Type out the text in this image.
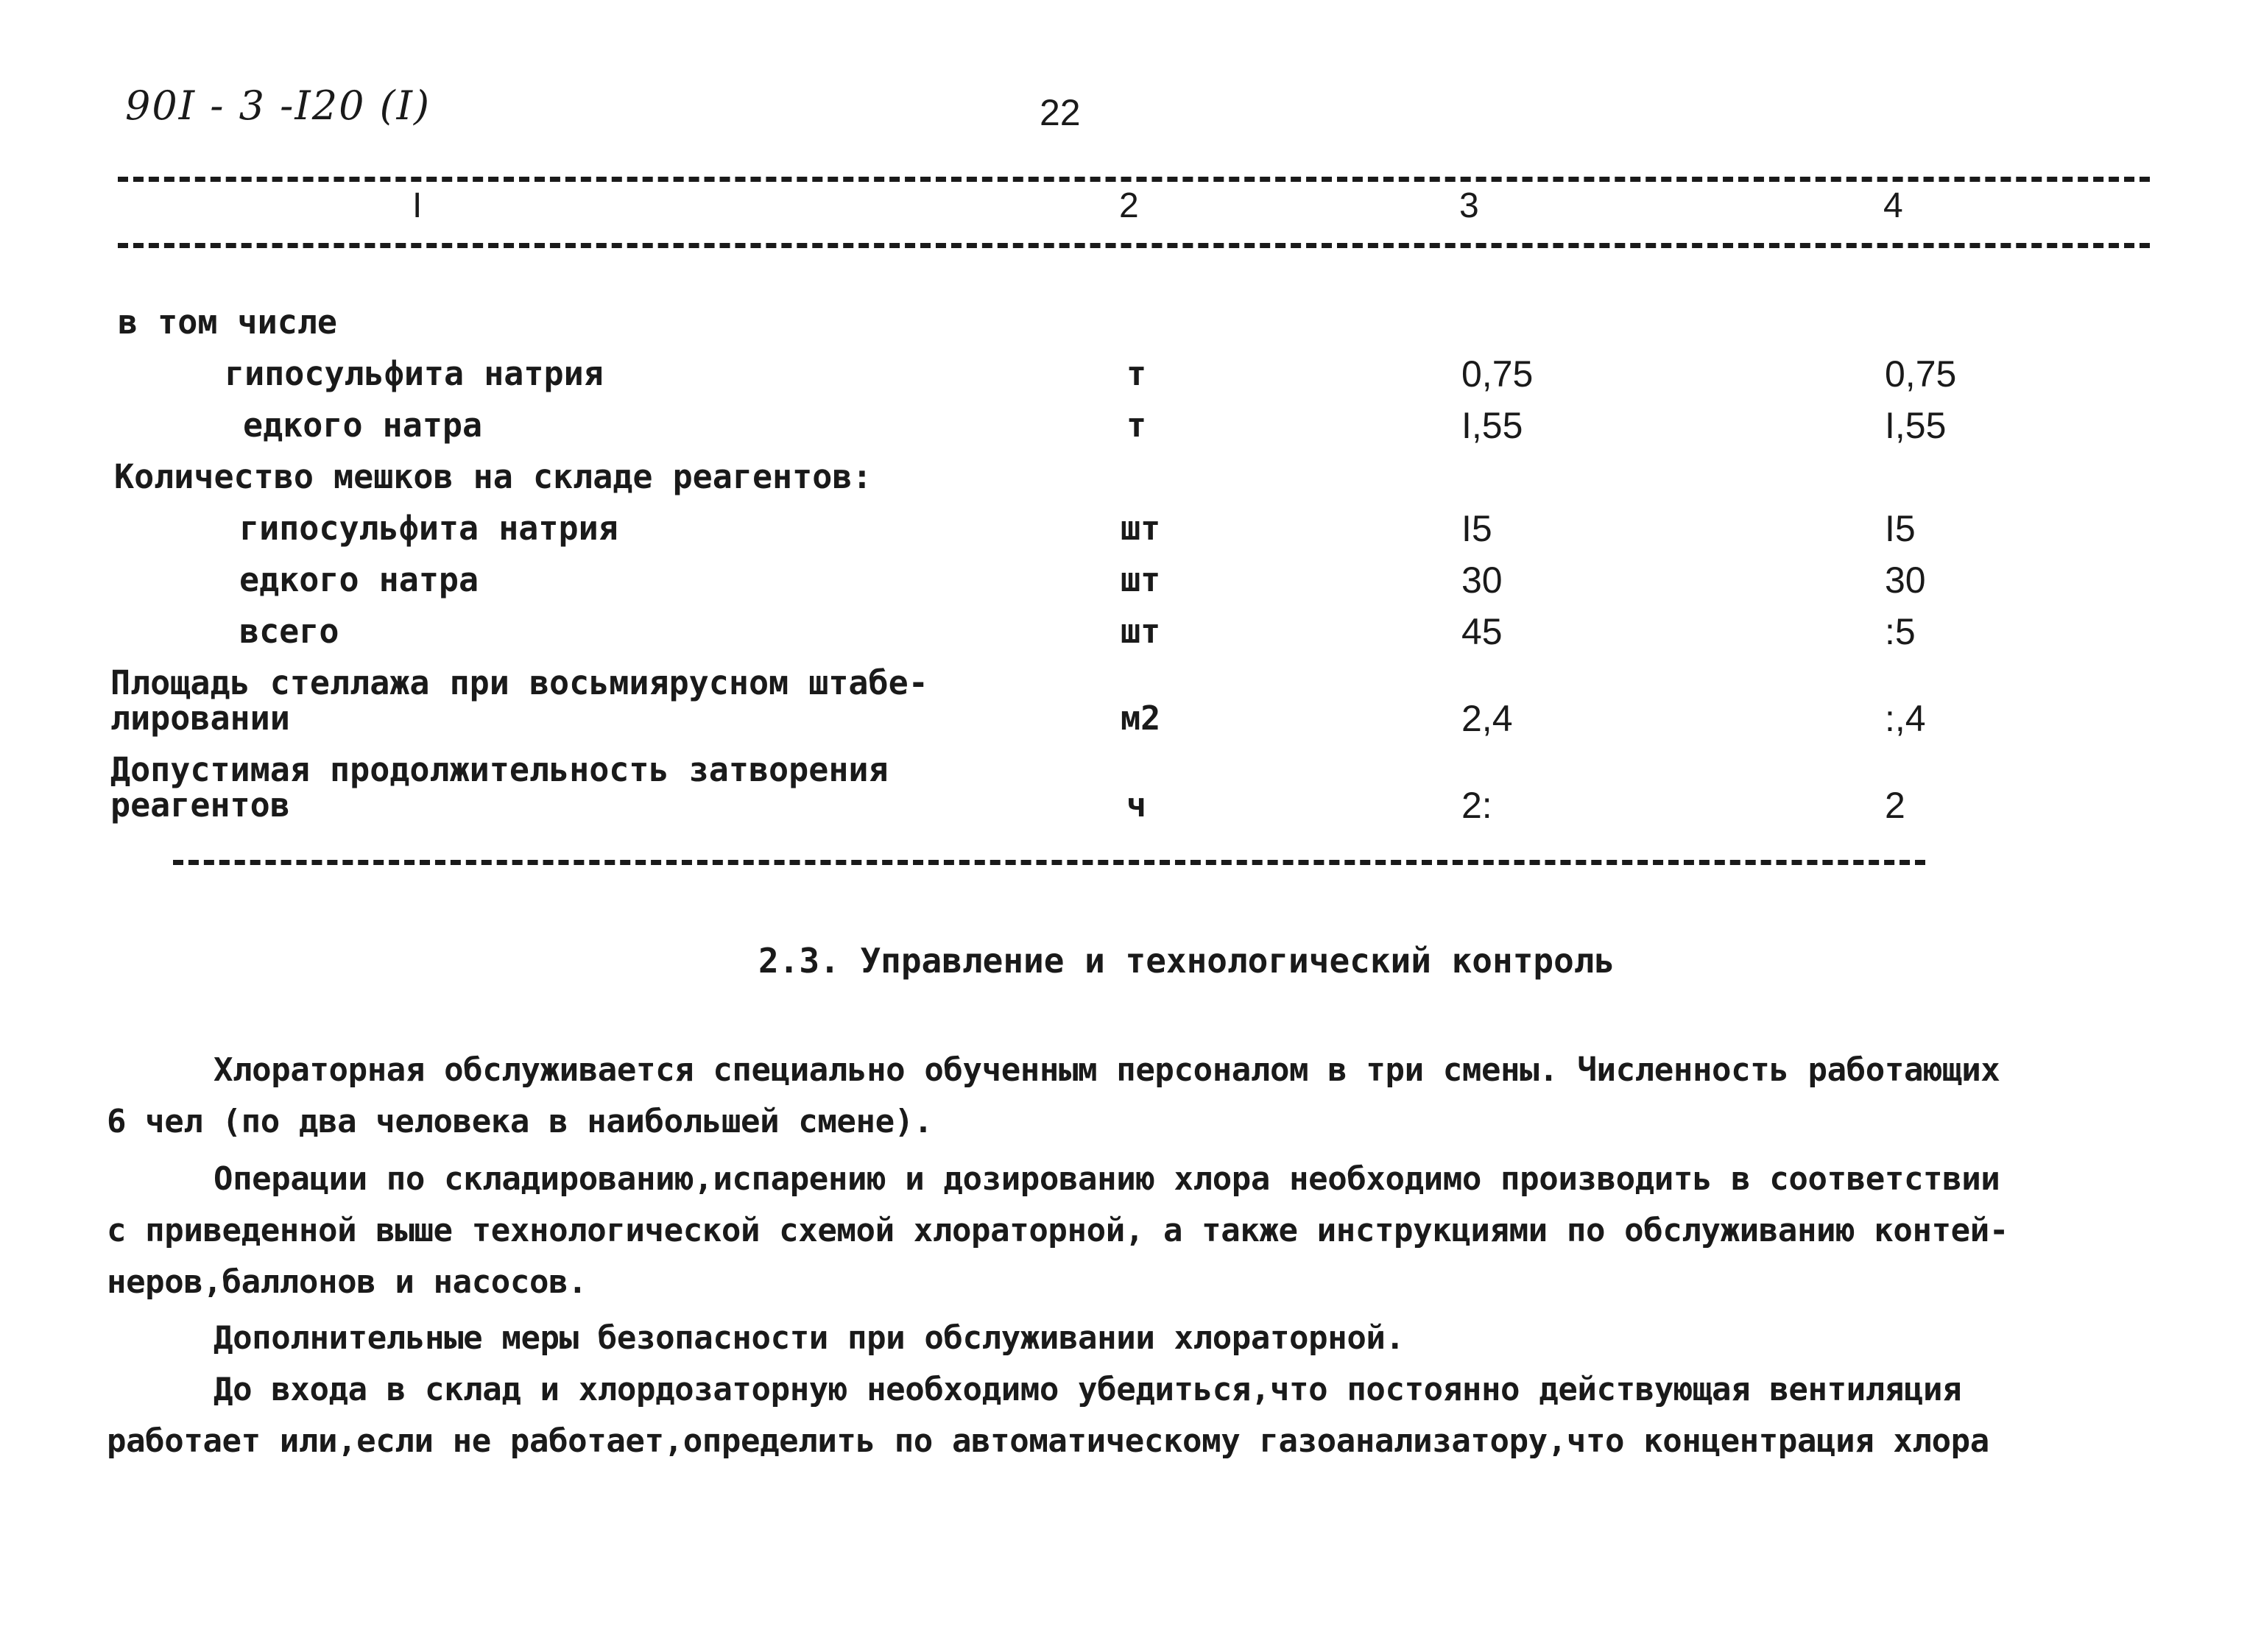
90I - 3 -I20 (I)	22
I	2	3	4
в том числе
гипосульфита натрия	т	0,75	0,75
едкого натра	т	I,55	I,55
Количество мешков на складе реагентов:
гипосульфита натрия	шт	I5	I5
едкого натра	шт	30	30
всего	шт	45	:5
Площадь стеллажа при восьмиярусном штабе-
лировании	м2	2,4	:,4
Допустимая продолжительность затворения
реагентов	ч	2:	2
2.3. Управление и технологический контроль
Хлораторная обслуживается специально обученным персоналом в три смены. Численность работающих
6 чел (по два человека в наибольшей смене).
Операции по складированию,испарению и дозированию хлора необходимо производить в соответствии
с приведенной выше технологической схемой хлораторной, а также инструкциями по обслуживанию контей-
неров,баллонов и насосов.
Дополнительные меры безопасности при обслуживании хлораторной.
До входа в склад и хлордозаторную необходимо убедиться,что постоянно действующая вентиляция
работает или,если не работает,определить по автоматическому газоанализатору,что концентрация хлора
